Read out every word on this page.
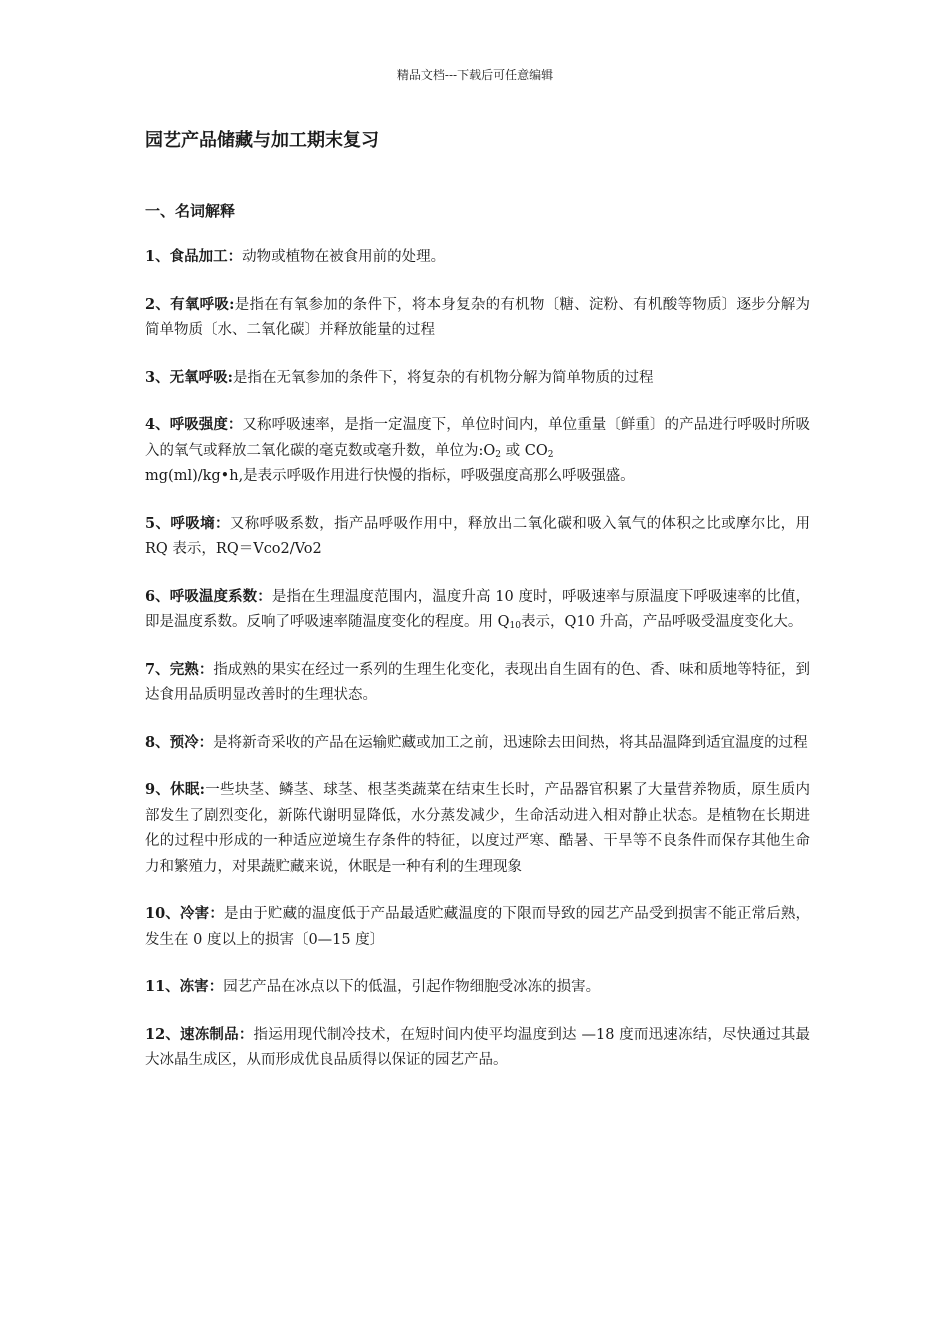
精品文档---下载后可任意编辑
园艺产品储藏与加工期末复习
一、名词解释

1、食品加工：动物或植物在被食用前的处理。

2、有氧呼吸:是指在有氧参加的条件下，将本身复杂的有机物〔糖、淀粉、有机酸等物质〕逐步分解为简单物质〔水、二氧化碳〕并释放能量的过程

3、无氧呼吸:是指在无氧参加的条件下，将复杂的有机物分解为简单物质的过程

4、呼吸强度：又称呼吸速率，是指一定温度下，单位时间内，单位重量〔鲜重〕的产品进行呼吸时所吸入的氧气或释放二氧化碳的毫克数或毫升数，单位为$:O_2$ 或 $CO_2$
mg(ml)/kg•h,是表示呼吸作用进行快慢的指标，呼吸强度高那么呼吸强盛。

5、呼吸墒：又称呼吸系数，指产品呼吸作用中，释放出二氧化碳和吸入氧气的体积之比或摩尔比，用 RQ 表示，RQ＝Vco2/Vo2

6、呼吸温度系数：是指在生理温度范围内，温度升高 10 度时，呼吸速率与原温度下呼吸速率的比值，即是温度系数。反响了呼吸速率随温度变化的程度。用 $Q_{10}$表示，Q10 升高，产品呼吸受温度变化大。

7、完熟：指成熟的果实在经过一系列的生理生化变化，表现出自生固有的色、香、味和质地等特征，到达食用品质明显改善时的生理状态。

8、预冷：是将新奇采收的产品在运输贮藏或加工之前，迅速除去田间热，将其品温降到适宜温度的过程

9、休眠:一些块茎、鳞茎、球茎、根茎类蔬菜在结束生长时，产品器官积累了大量营养物质，原生质内部发生了剧烈变化，新陈代谢明显降低，水分蒸发减少，生命活动进入相对静止状态。是植物在长期进化的过程中形成的一种适应逆境生存条件的特征，以度过严寒、酷暑、干旱等不良条件而保存其他生命力和繁殖力，对果蔬贮藏来说，休眠是一种有利的生理现象

10、冷害：是由于贮藏的温度低于产品最适贮藏温度的下限而导致的园艺产品受到损害不能正常后熟，发生在 0 度以上的损害〔0—15 度〕

11、冻害：园艺产品在冰点以下的低温，引起作物细胞受冰冻的损害。

12、速冻制品：指运用现代制冷技术，在短时间内使平均温度到达 —18 度而迅速冻结，尽快通过其最大冰晶生成区，从而形成优良品质得以保证的园艺产品。
